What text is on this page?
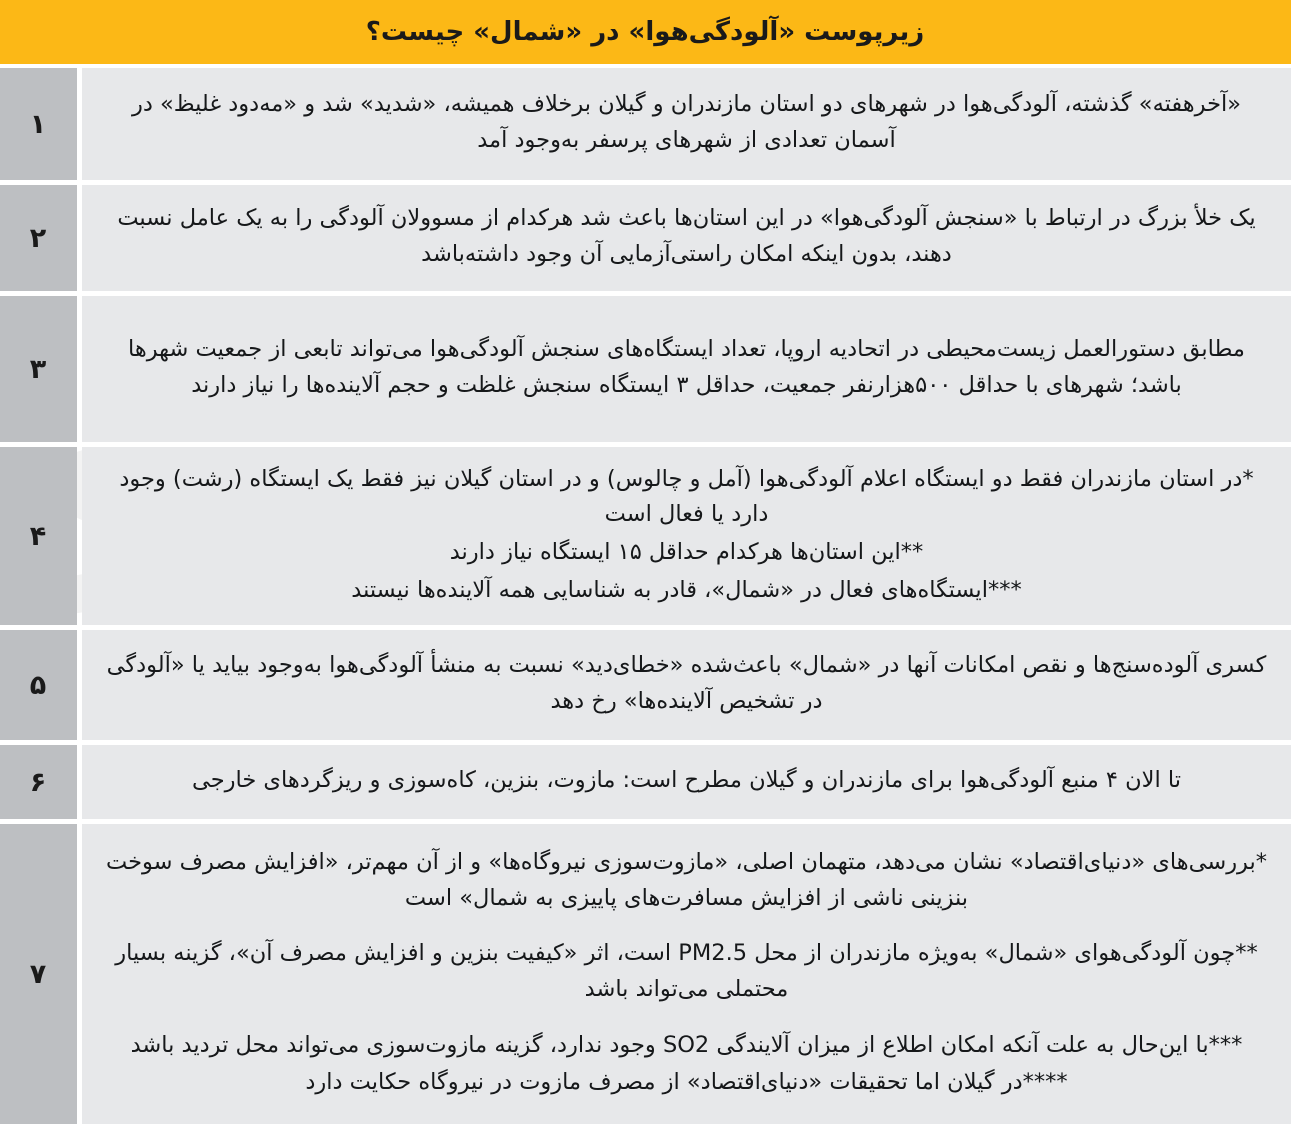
زیرپوست «آلودگی‌هوا» در «شمال» چیست؟

«آخرهفته» گذشته، آلودگی‌هوا در شهرهای دو استان مازندران و گیلان برخلاف همیشه، «شدید» شد و «مه‌دود غلیظ» در آسمان تعدادی از شهرهای پرسفر به‌وجود آمد

۱

یک خلأ بزرگ در ارتباط با «سنجش آلودگی‌هوا» در این استان‌ها باعث شد هرکدام از مسوولان آلودگی را به یک عامل نسبت دهند، بدون اینکه امکان راستی‌آزمایی آن وجود داشته‌باشد

۲

مطابق دستورالعمل زیست‌محیطی در اتحادیه اروپا، تعداد ایستگاه‌های سنجش آلودگی‌هوا می‌تواند تابعی از جمعیت شهرها باشد؛ شهرهای با حداقل ۵۰۰هزارنفر جمعیت، حداقل ۳ ایستگاه سنجش غلظت و حجم آلاینده‌ها را نیاز دارند

۳

*در استان مازندران فقط دو ایستگاه اعلام آلودگی‌هوا (آمل و چالوس) و در استان گیلان نیز فقط یک ایستگاه (رشت) وجود دارد یا فعال است

**این استان‌ها هرکدام حداقل ۱۵ ایستگاه نیاز دارند

***ایستگاه‌های فعال در «شمال»، قادر به شناسایی همه آلاینده‌ها نیستند

۴

کسری آلوده‌سنج‌ها و نقص امکانات آنها در «شمال» باعث‌شده «خطای‌دید» نسبت به منشأ آلودگی‌هوا به‌وجود بیاید یا «آلودگی در تشخیص آلاینده‌ها» رخ دهد

۵

تا الان ۴ منبع آلودگی‌هوا برای مازندران و گیلان مطرح است: مازوت، بنزین، کاه‌سوزی و ریزگردهای خارجی

۶

*بررسی‌های «دنیای‌اقتصاد» نشان می‌دهد، متهمان اصلی، «مازوت‌سوزی نیروگاه‌ها» و از آن مهم‌تر، «افزایش مصرف سوخت بنزینی ناشی از افزایش مسافرت‌های پاییزی به شمال» است

**چون آلودگی‌هوای «شمال» به‌ویژه مازندران از محل PM2.5 است، اثر «کیفیت بنزین و افزایش مصرف آن»، گزینه بسیار محتملی می‌تواند باشد

***با این‌حال به علت آنکه امکان اطلاع از میزان آلایندگی SO2 وجود ندارد، گزینه مازوت‌سوزی می‌تواند محل تردید باشد

****در گیلان اما تحقیقات «دنیای‌اقتصاد» از مصرف مازوت در نیروگاه حکایت دارد

۷
